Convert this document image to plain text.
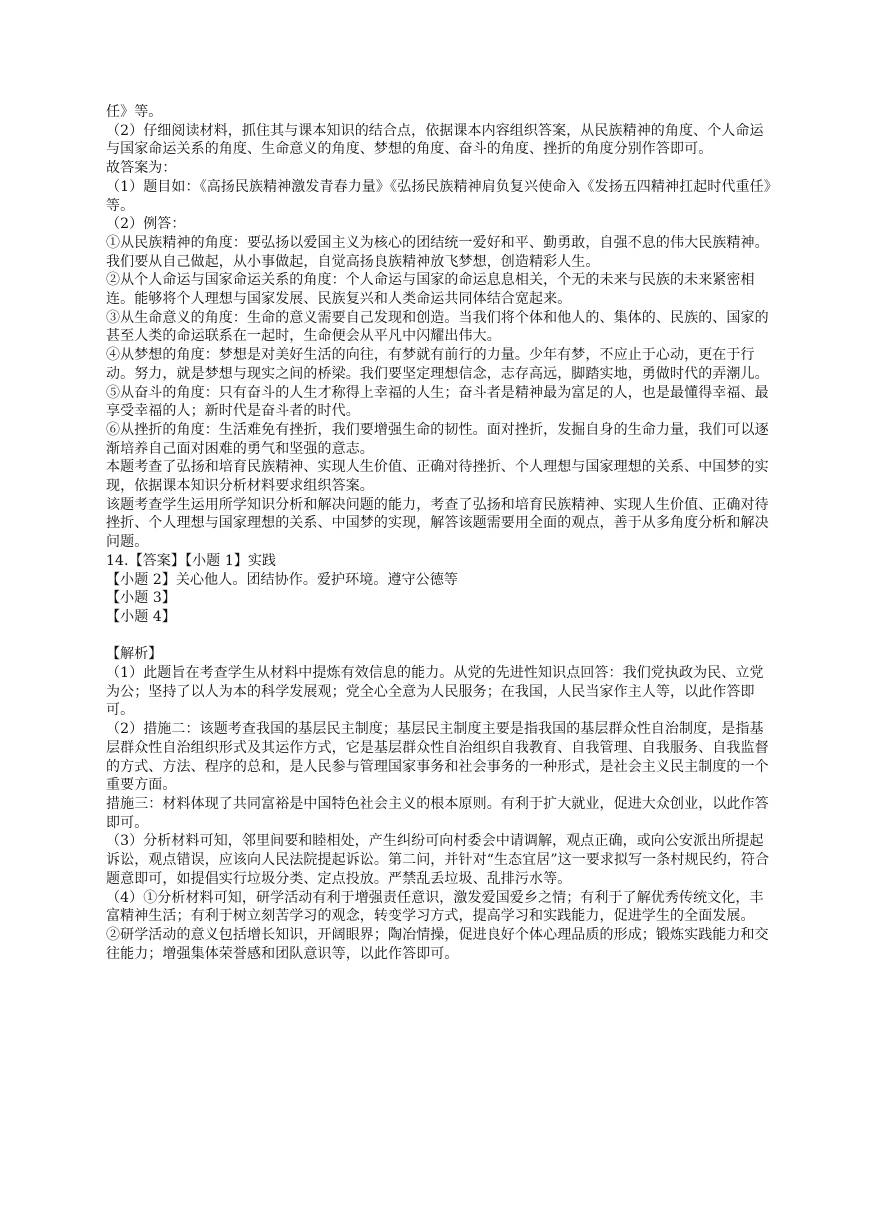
任》等。

（2）仔细阅读材料，抓住其与课本知识的结合点，依据课本内容组织答案，从民族精神的角度、个人命运与国家命运关系的角度、生命意义的角度、梦想的角度、奋斗的角度、挫折的角度分别作答即可。

故答案为：

（1）题目如：《高扬民族精神激发青春力量》《弘扬民族精神肩负复兴使命入《发扬五四精神扛起时代重任》等。

（2）例答：

①从民族精神的角度：要弘扬以爱国主义为核心的团结统一爱好和平、勤勇敢，自强不息的伟大民族精神。我们要从自己做起，从小事做起，自觉高扬良族精神放飞梦想，创造精彩人生。

②从个人命运与国家命运关系的角度：个人命运与国家的命运息息相关，个无的未来与民族的未来紧密相连。能够将个人理想与国家发展、民族复兴和人类命运共同体结合宽起来。

③从生命意义的角度：生命的意义需要自己发现和创造。当我们将个体和他人的、集体的、民族的、国家的甚至人类的命运联系在一起时，生命便会从平凡中闪耀出伟大。

④从梦想的角度：梦想是对美好生活的向往，有梦就有前行的力量。少年有梦，不应止于心动，更在于行动。努力，就是梦想与现实之间的桥梁。我们要坚定理想信念，志存高远，脚踏实地，勇做时代的弄潮儿。

⑤从奋斗的角度：只有奋斗的人生才称得上幸福的人生；奋斗者是精神最为富足的人，也是最懂得幸福、最享受幸福的人；新时代是奋斗者的时代。

⑥从挫折的角度：生活难免有挫折，我们要增强生命的韧性。面对挫折，发掘自身的生命力量，我们可以逐渐培养自己面对困难的勇气和坚强的意志。

本题考查了弘扬和培育民族精神、实现人生价值、正确对待挫折、个人理想与国家理想的关系、中国梦的实现，依据课本知识分析材料要求组织答案。

该题考查学生运用所学知识分析和解决问题的能力，考查了弘扬和培育民族精神、实现人生价值、正确对待挫折、个人理想与国家理想的关系、中国梦的实现，解答该题需要用全面的观点，善于从多角度分析和解决问题。

14.【答案】【小题 1】实践

【小题 2】关心他人。团结协作。爱护环境。遵守公德等

【小题 3】

【小题 4】

【解析】

（1）此题旨在考查学生从材料中提炼有效信息的能力。从党的先进性知识点回答：我们党执政为民、立党为公；坚持了以人为本的科学发展观；党全心全意为人民服务；在我国，人民当家作主人等，以此作答即可。

（2）措施二：该题考查我国的基层民主制度；基层民主制度主要是指我国的基层群众性自治制度，是指基层群众性自治组织形式及其运作方式，它是基层群众性自治组织自我教育、自我管理、自我服务、自我监督的方式、方法、程序的总和，是人民参与管理国家事务和社会事务的一种形式，是社会主义民主制度的一个重要方面。

措施三：材料体现了共同富裕是中国特色社会主义的根本原则。有利于扩大就业，促进大众创业，以此作答即可。

（3）分析材料可知，邻里间要和睦相处，产生纠纷可向村委会中请调解，观点正确，或向公安派出所提起诉讼，观点错误，应该向人民法院提起诉讼。第二问，并针对“生态宜居”这一要求拟写一条村规民约，符合题意即可，如提倡实行垃圾分类、定点投放。严禁乱丢垃圾、乱排污水等。

（4）①分析材料可知，研学活动有利于增强责任意识，激发爱国爱乡之情；有利于了解优秀传统文化，丰富精神生活；有利于树立刻苦学习的观念，转变学习方式，提高学习和实践能力，促进学生的全面发展。

②研学活动的意义包括增长知识，开阔眼界；陶冶情操，促进良好个体心理品质的形成；锻炼实践能力和交往能力；增强集体荣誉感和团队意识等，以此作答即可。
